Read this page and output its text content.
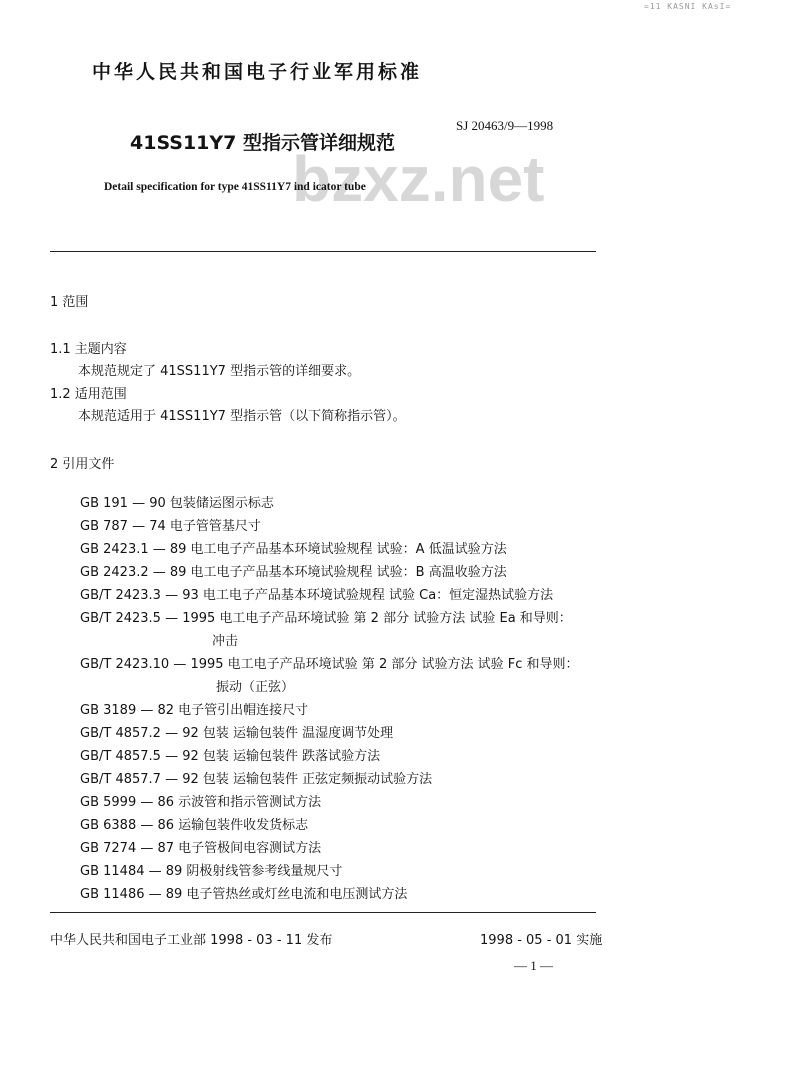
=11 KASNI KAsI=
中华人民共和国电子行业军用标准
SJ 20463/9—1998
bzxz.net
41SS11Y7 型指示管详细规范
Detail specification for type 41SS11Y7 ind icator tube
1 范围
1.1 主题内容
本规范规定了 41SS11Y7 型指示管的详细要求。
1.2 适用范围
本规范适用于 41SS11Y7 型指示管（以下简称指示管）。
2 引用文件
GB 191 — 90 包装储运图示标志
GB 787 — 74 电子管管基尺寸
GB 2423.1 — 89 电工电子产品基本环境试验规程 试验：A 低温试验方法
GB 2423.2 — 89 电工电子产品基本环境试验规程 试验：B 高温收验方法
GB/T 2423.3 — 93 电工电子产品基本环境试验规程 试验 Ca：恒定湿热试验方法
GB/T 2423.5 — 1995 电工电子产品环境试验 第 2 部分 试验方法 试验 Ea 和导则：
冲击
GB/T 2423.10 — 1995 电工电子产品环境试验 第 2 部分 试验方法 试验 Fc 和导则：
振动（正弦）
GB 3189 — 82 电子管引出帽连接尺寸
GB/T 4857.2 — 92 包装 运输包装件 温湿度调节处理
GB/T 4857.5 — 92 包装 运输包装件 跌落试验方法
GB/T 4857.7 — 92 包装 运输包装件 正弦定频振动试验方法
GB 5999 — 86 示波管和指示管测试方法
GB 6388 — 86 运输包装件收发货标志
GB 7274 — 87 电子管极间电容测试方法
GB 11484 — 89 阴极射线管参考线量规尺寸
GB 11486 — 89 电子管热丝或灯丝电流和电压测试方法
中华人民共和国电子工业部 1998 - 03 - 11 发布	1998 - 05 - 01 实施
— 1 —
